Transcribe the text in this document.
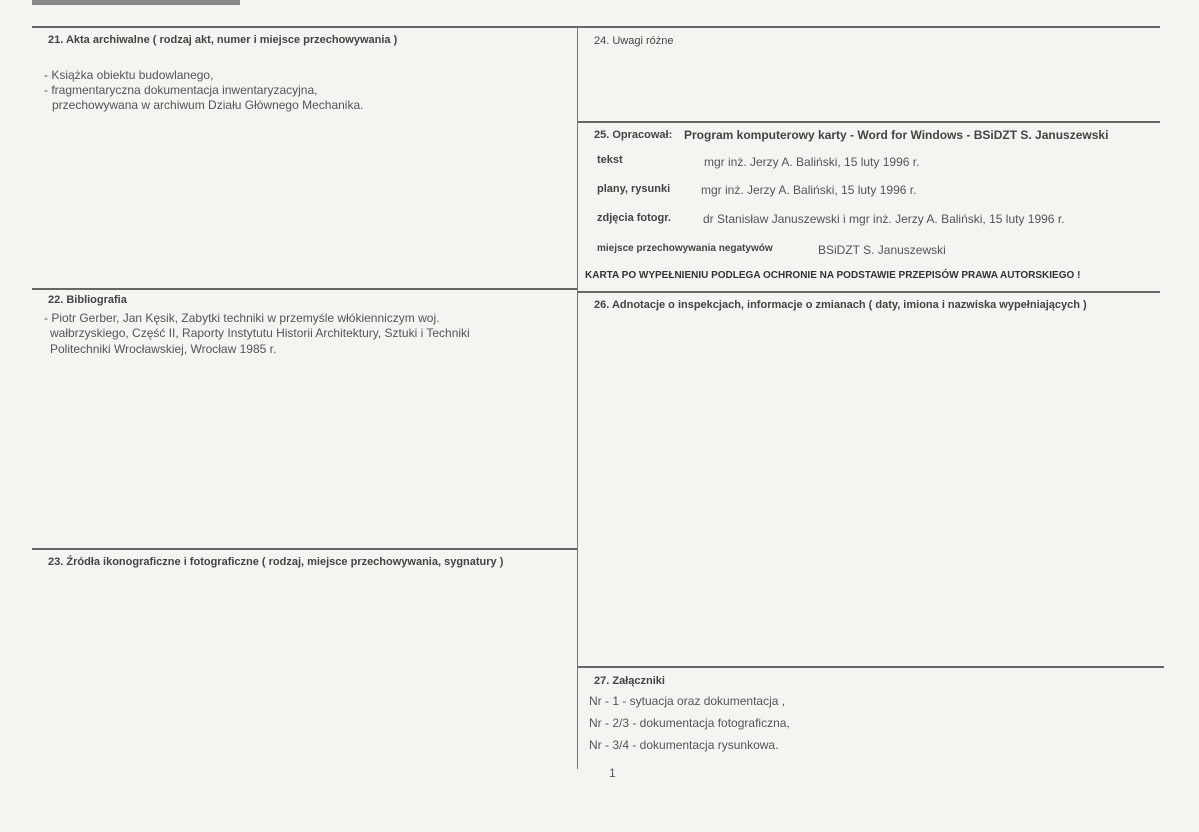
21. Akta archiwalne ( rodzaj akt, numer i miejsce przechowywania )
- Książka obiektu budowlanego,
- fragmentaryczna dokumentacja inwentaryzacyjna,
przechowywana w archiwum Działu Głównego Mechanika.
22. Bibliografia
- Piotr Gerber, Jan Kęsik, Zabytki techniki w przemyśle włókienniczym woj.
wałbrzyskiego, Część II, Raporty Instytutu Historii Architektury, Sztuki i Techniki
Politechniki Wrocławskiej, Wrocław 1985 r.
23. Źródła ikonograficzne i fotograficzne ( rodzaj, miejsce przechowywania, sygnatury )
24. Uwagi różne
25. Opracował: Program komputerowy karty - Word for Windows - BSiDZT S. Januszewski
tekst	mgr inż. Jerzy A. Baliński, 15 luty 1996 r.
plany, rysunki	mgr inż. Jerzy A. Baliński, 15 luty 1996 r.
zdjęcia fotogr.	dr Stanisław Januszewski i mgr inż. Jerzy A. Baliński, 15 luty 1996 r.
miejsce przechowywania negatywów	BSiDZT S. Januszewski
KARTA PO WYPEŁNIENIU PODLEGA OCHRONIE NA PODSTAWIE PRZEPISÓW PRAWA AUTORSKIEGO !
26. Adnotacje o inspekcjach, informacje o zmianach ( daty, imiona i nazwiska wypełniających )
27. Załączniki
Nr - 1 - sytuacja oraz dokumentacja ,
Nr - 2/3 - dokumentacja fotograficzna,
Nr - 3/4 - dokumentacja rysunkowa.
1
